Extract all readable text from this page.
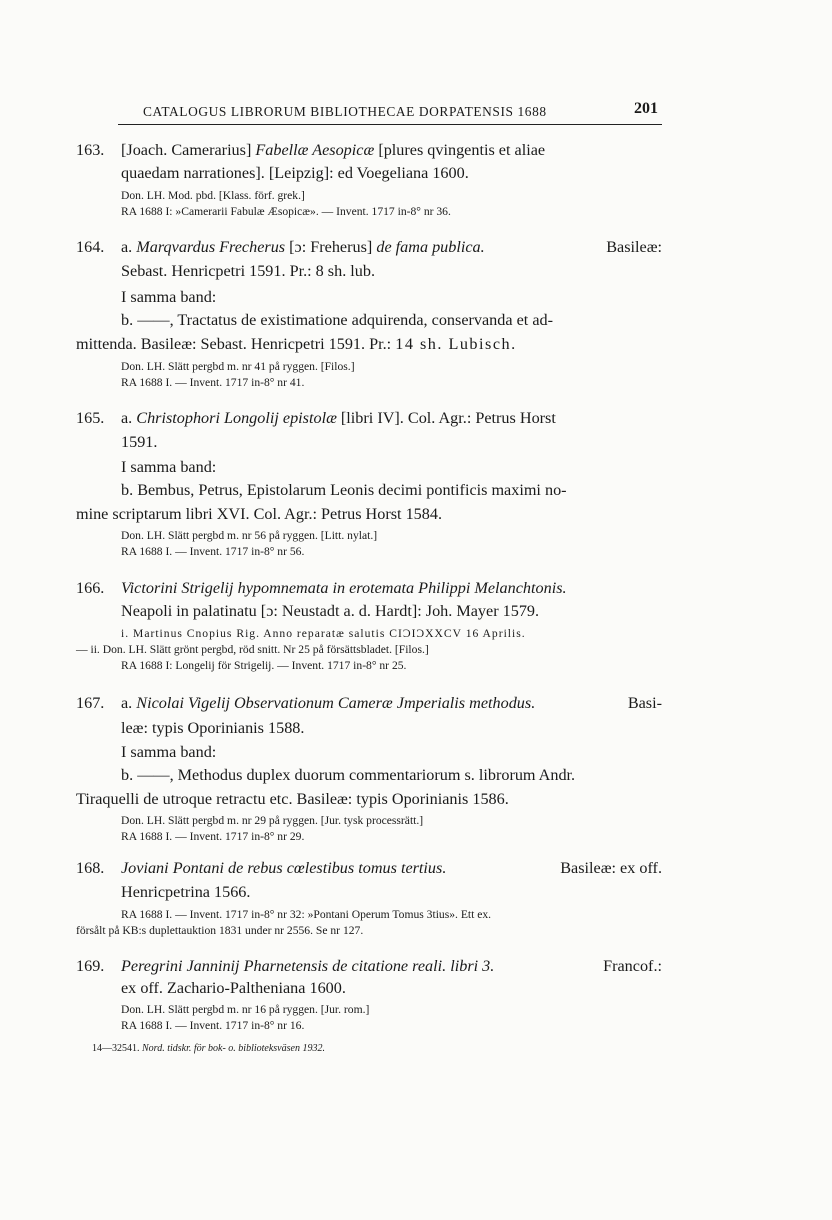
CATALOGUS LIBRORUM BIBLIOTHECAE DORPATENSIS 1688	201
163. [Joach. Camerarius] Fabellæ Aesopicæ [plures qvingentis et aliae
quaedam narrationes]. [Leipzig]: ed Voegeliana 1600.
Don. LH. Mod. pbd. [Klass. förf. grek.]
RA 1688 I: »Camerarii Fabulæ Æsopicæ». — Invent. 1717 in-8° nr 36.
164. a. Marqvardus Frecherus [ɔ: Freherus] de fama publica.	Basileæ:
Sebast. Henricpetri 1591. Pr.: 8 sh. lub.
I samma band:
b. ——, Tractatus de existimatione adquirenda, conservanda et ad-
mittenda. Basileæ: Sebast. Henricpetri 1591. Pr.: 14 sh. Lubisch.
Don. LH. Slätt pergbd m. nr 41 på ryggen. [Filos.]
RA 1688 I. — Invent. 1717 in-8° nr 41.
165. a. Christophori Longolij epistolæ [libri IV]. Col. Agr.: Petrus Horst
1591.
I samma band:
b. Bembus, Petrus, Epistolarum Leonis decimi pontificis maximi no-
mine scriptarum libri XVI. Col. Agr.: Petrus Horst 1584.
Don. LH. Slätt pergbd m. nr 56 på ryggen. [Litt. nylat.]
RA 1688 I. — Invent. 1717 in-8° nr 56.
166. Victorini Strigelij hypomnemata in erotemata Philippi Melanchtonis.
Neapoli in palatinatu [ɔ: Neustadt a. d. Hardt]: Joh. Mayer 1579.
i. Martinus Cnopius Rig. Anno reparatæ salutis CIƆIƆXXCV 16 Aprilis.
— ii. Don. LH. Slätt grönt pergbd, röd snitt. Nr 25 på försättsbladet. [Filos.]
RA 1688 I: Longelij för Strigelij. — Invent. 1717 in-8° nr 25.
167. a. Nicolai Vigelij Observationum Cameræ Jmperialis methodus.	Basi-
leæ: typis Oporinianis 1588.
I samma band:
b. ——, Methodus duplex duorum commentariorum s. librorum Andr.
Tiraquelli de utroque retractu etc. Basileæ: typis Oporinianis 1586.
Don. LH. Slätt pergbd m. nr 29 på ryggen. [Jur. tysk processrätt.]
RA 1688 I. — Invent. 1717 in-8° nr 29.
168. Joviani Pontani de rebus cœlestibus tomus tertius.	Basileæ: ex off.
Henricpetrina 1566.
RA 1688 I. — Invent. 1717 in-8° nr 32: »Pontani Operum Tomus 3tius». Ett ex.
försålt på KB:s duplettauktion 1831 under nr 2556. Se nr 127.
169. Peregrini Janninij Pharnetensis de citatione reali. libri 3.	Francof.:
ex off. Zachario-Paltheniana 1600.
Don. LH. Slätt pergbd m. nr 16 på ryggen. [Jur. rom.]
RA 1688 I. — Invent. 1717 in-8° nr 16.
14—32541. Nord. tidskr. för bok- o. biblioteksväsen 1932.
